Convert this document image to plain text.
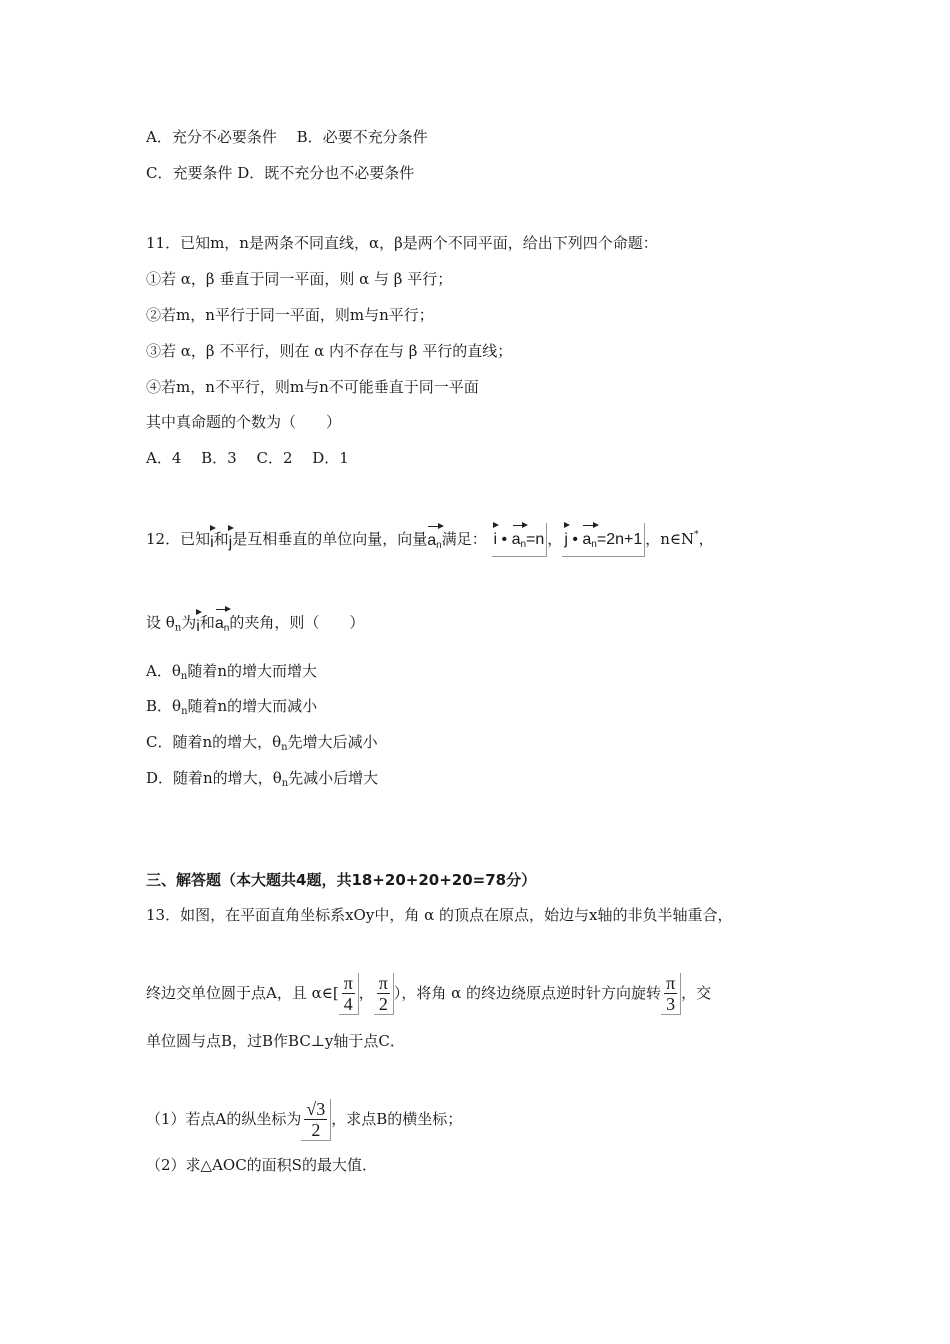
A．充分不必要条件　 B．必要不充分条件
C．充要条件 D．既不充分也不必要条件
11．已知m，n是两条不同直线，α，β是两个不同平面，给出下列四个命题：
①若 α，β 垂直于同一平面，则 α 与 β 平行；
②若m，n平行于同一平面，则m与n平行；
③若 α，β 不平行，则在 α 内不存在与 β 平行的直线；
④若m，n不平行，则m与n不可能垂直于同一平面
其中真命题的个数为（　　）
A．4　 B．3　 C．2　 D．1
12．已知i和j是互相垂直的单位向量，向量$a_n$满足： i • $a_n=n$ ， j • $a_n=2n+1$ ，n∈N*，
设 $\theta_n$为i和$a_n$的夹角，则（　　）
A．$\theta_n$随着n的增大而增大
B．$\theta_n$随着n的增大而减小
C．随着n的增大，$\theta_n$先增大后减小
D．随着n的增大，$\theta_n$先减小后增大
三、解答题（本大题共4题，共18+20+20+20=78分）
13．如图，在平面直角坐标系xOy中，角 α 的顶点在原点，始边与x轴的非负半轴重合，
终边交单位圆于点A，且 α∈[ $\frac{\pi}{4}$ ， $\frac{\pi}{2}$ ），将角 α 的终边绕原点逆时针方向旋转 $\frac{\pi}{3}$ ，交
单位圆与点B，过B作BC⊥y轴于点C．
（1）若点A的纵坐标为 $\frac{√3}{2}$ ，求点B的横坐标；
（2）求△AOC的面积S的最大值．
